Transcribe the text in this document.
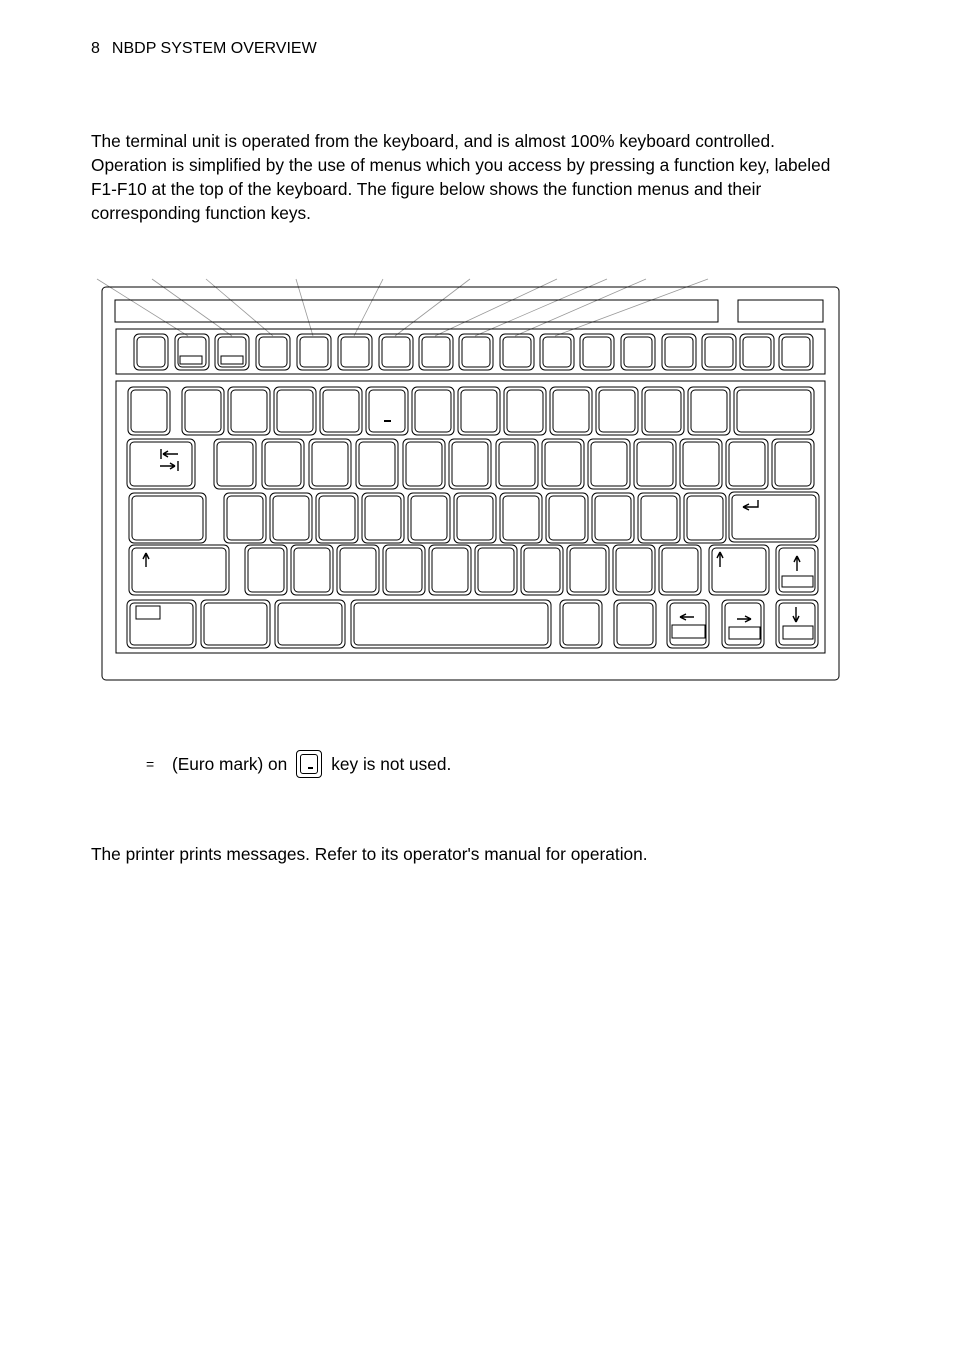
8 NBDP SYSTEM OVERVIEW

The terminal unit is operated from the keyboard, and is almost 100% keyboard controlled. Operation is simplified by the use of menus which you access by pressing a function key, labeled F1-F10 at the top of the keyboard. The figure below shows the function menus and their corresponding function keys.

= (Euro mark) on	key is not used.

The printer prints messages. Refer to its operator's manual for operation.
